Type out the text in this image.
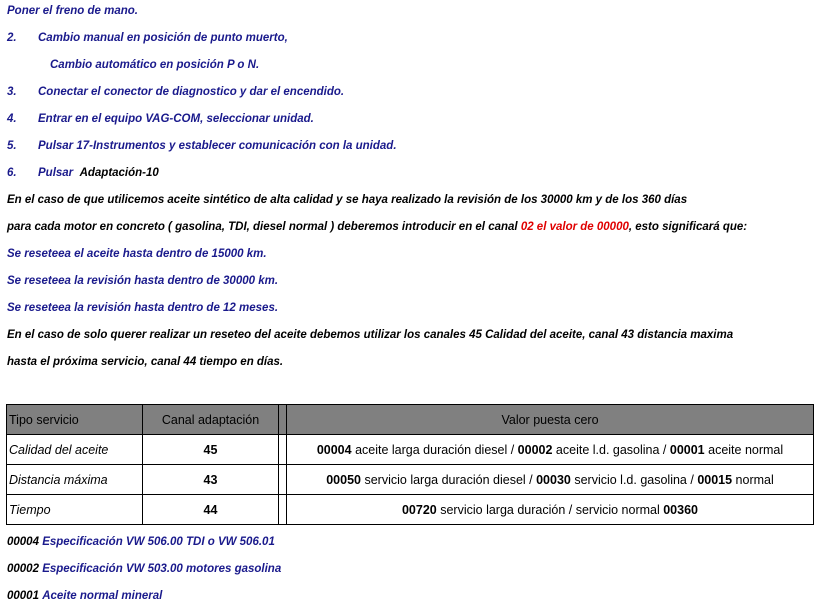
Poner el freno de mano.
2. Cambio manual en posición de punto muerto,
Cambio automático en posición P o N.
3. Conectar el conector de diagnostico y dar el encendido.
4. Entrar en el equipo VAG-COM, seleccionar unidad.
5. Pulsar 17-Instrumentos y establecer comunicación con la unidad.
6. Pulsar Adaptación-10
En el caso de que utilicemos aceite sintético de alta calidad y se haya realizado la revisión de los 30000 km y de los 360 días
para cada motor en concreto ( gasolina, TDI, diesel normal ) deberemos introducir en el canal 02 el valor de 00000, esto significará que:
Se reseteea el aceite hasta dentro de 15000 km.
Se reseteea la revisión hasta dentro de 30000 km.
Se reseteea la revisión hasta dentro de 12 meses.
En el caso de solo querer realizar un reseteo del aceite debemos utilizar los canales 45 Calidad del aceite, canal 43 distancia maxima
hasta el próxima servicio, canal 44 tiempo en días.
Tipo servicio	Canal adaptación		Valor puesta cero
Calidad del aceite	45		00004 aceite larga duración diesel / 00002 aceite l.d. gasolina / 00001 aceite normal
Distancia máxima	43		00050 servicio larga duración diesel / 00030 servicio l.d. gasolina / 00015 normal
Tiempo	44		00720 servicio larga duración / servicio normal 00360
00004 Especificación VW 506.00 TDI o VW 506.01
00002 Especificación VW 503.00 motores gasolina
00001 Aceite normal mineral
